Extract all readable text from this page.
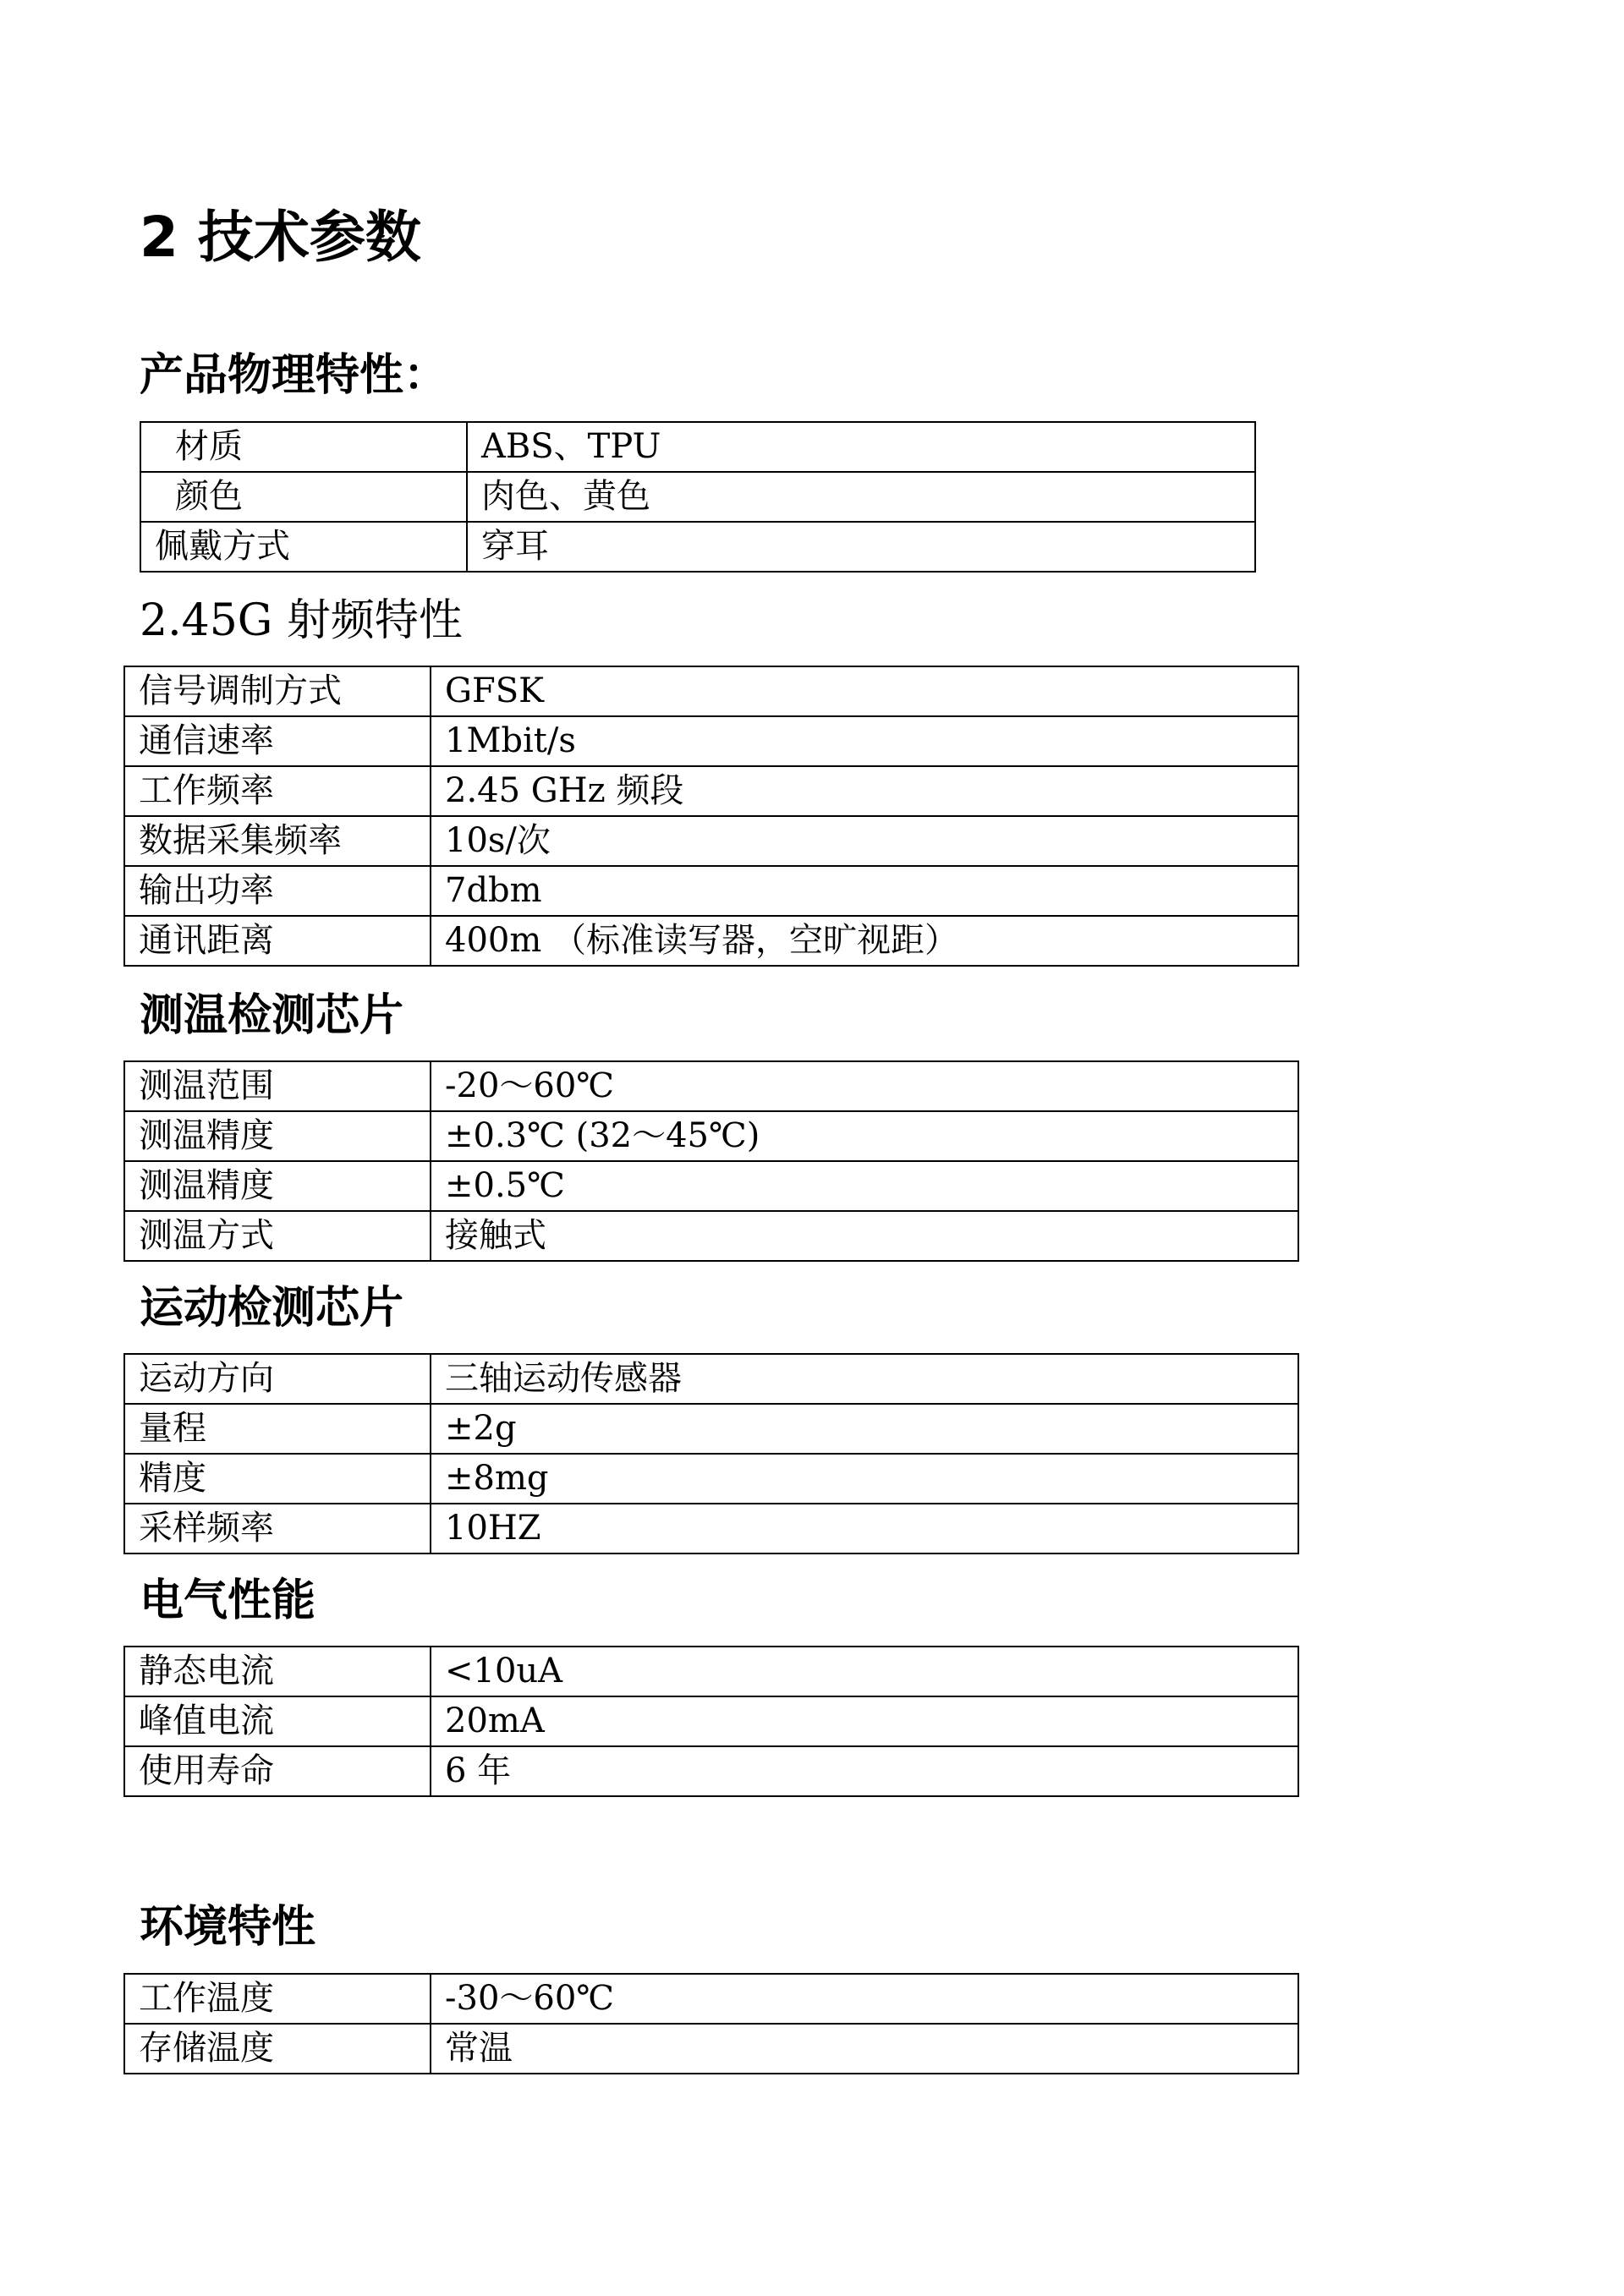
2 技术参数
产品物理特性：
材质	ABS、TPU
颜色	肉色、黄色
佩戴方式	穿耳
2.45G 射频特性
信号调制方式	GFSK
通信速率	1Mbit/s
工作频率	2.45 GHz 频段
数据采集频率	10s/次
输出功率	7dbm
通讯距离	400m （标准读写器，空旷视距）
测温检测芯片
测温范围	-20～60℃
测温精度	±0.3℃ (32～45℃)
测温精度	±0.5℃
测温方式	接触式
运动检测芯片
运动方向	三轴运动传感器
量程	±2g
精度	±8mg
采样频率	10HZ
电气性能
静态电流	<10uA
峰值电流	20mA
使用寿命	6 年
环境特性
工作温度	-30～60℃
存储温度	常温
